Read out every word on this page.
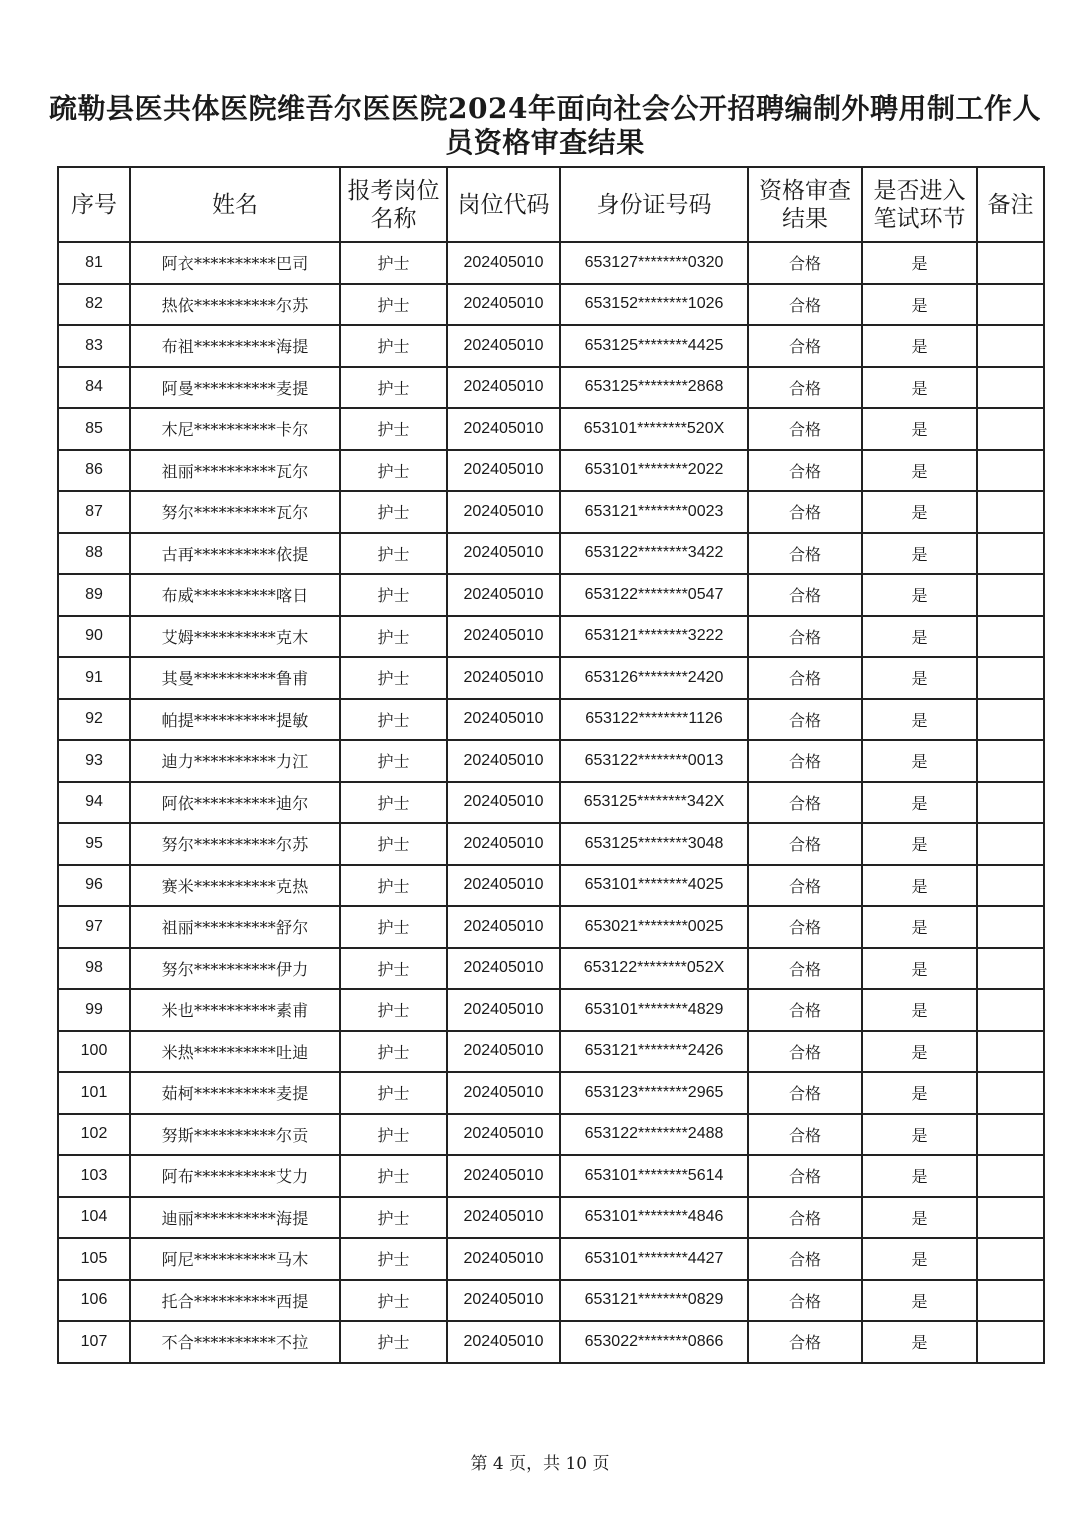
疏勒县医共体医院维吾尔医医院2024年面向社会公开招聘编制外聘用制工作人员资格审查结果
序号	姓名	报考岗位名称	岗位代码	身份证号码	资格审查结果	是否进入笔试环节	备注
81	阿衣**********巴司	护士	202405010	653127********0320	合格	是	
82	热依**********尔苏	护士	202405010	653152********1026	合格	是	
83	布祖**********海提	护士	202405010	653125********4425	合格	是	
84	阿曼**********麦提	护士	202405010	653125********2868	合格	是	
85	木尼**********卡尔	护士	202405010	653101********520X	合格	是	
86	祖丽**********瓦尔	护士	202405010	653101********2022	合格	是	
87	努尔**********瓦尔	护士	202405010	653121********0023	合格	是	
88	古再**********依提	护士	202405010	653122********3422	合格	是	
89	布威**********喀日	护士	202405010	653122********0547	合格	是	
90	艾姆**********克木	护士	202405010	653121********3222	合格	是	
91	其曼**********鲁甫	护士	202405010	653126********2420	合格	是	
92	帕提**********提敏	护士	202405010	653122********1126	合格	是	
93	迪力**********力江	护士	202405010	653122********0013	合格	是	
94	阿依**********迪尔	护士	202405010	653125********342X	合格	是	
95	努尔**********尔苏	护士	202405010	653125********3048	合格	是	
96	赛米**********克热	护士	202405010	653101********4025	合格	是	
97	祖丽**********舒尔	护士	202405010	653021********0025	合格	是	
98	努尔**********伊力	护士	202405010	653122********052X	合格	是	
99	米也**********素甫	护士	202405010	653101********4829	合格	是	
100	米热**********吐迪	护士	202405010	653121********2426	合格	是	
101	茹柯**********麦提	护士	202405010	653123********2965	合格	是	
102	努斯**********尔贡	护士	202405010	653122********2488	合格	是	
103	阿布**********艾力	护士	202405010	653101********5614	合格	是	
104	迪丽**********海提	护士	202405010	653101********4846	合格	是	
105	阿尼**********马木	护士	202405010	653101********4427	合格	是	
106	托合**********西提	护士	202405010	653121********0829	合格	是	
107	不合**********不拉	护士	202405010	653022********0866	合格	是	
第 4 页，共 10 页
